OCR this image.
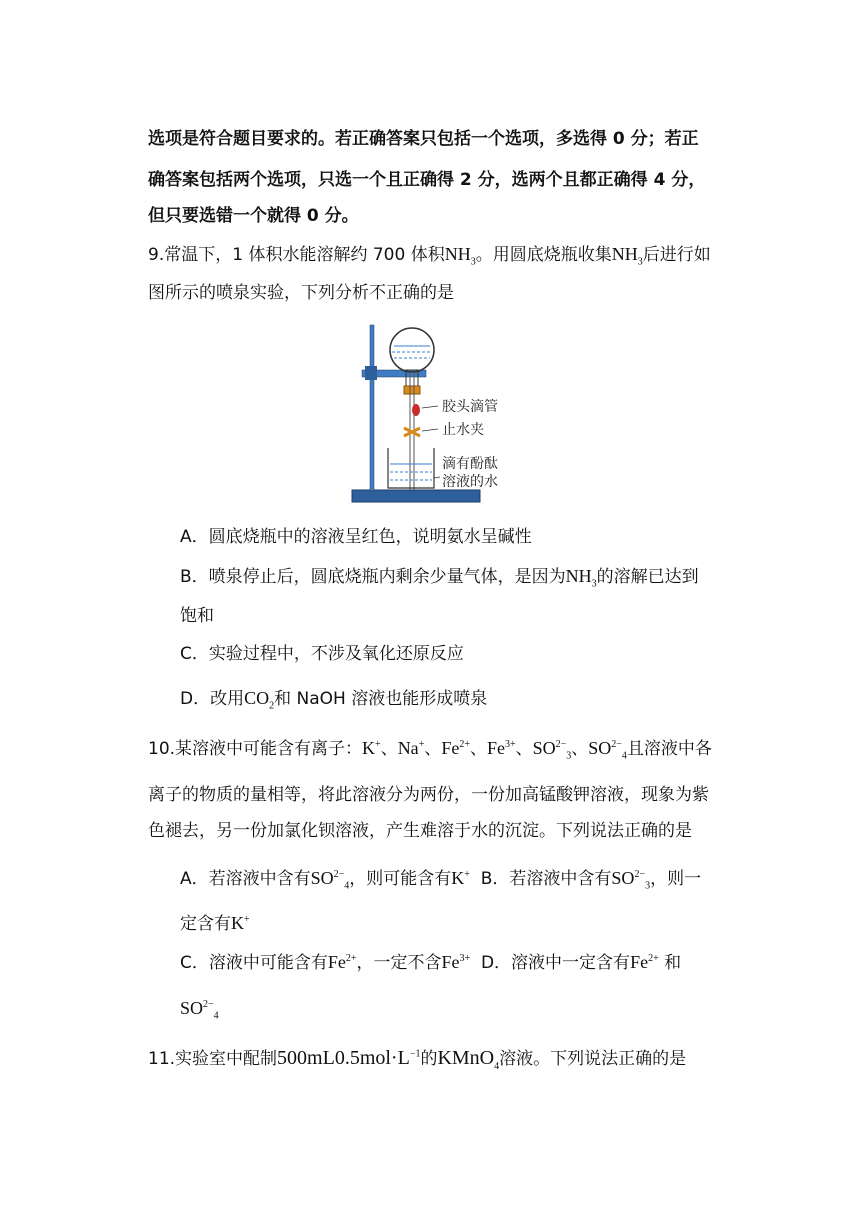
选项是符合题目要求的。若正确答案只包括一个选项，多选得 0 分；若正
确答案包括两个选项，只选一个且正确得 2 分，选两个且都正确得 4 分，
但只要选错一个就得 0 分。
9.常温下，1 体积水能溶解约 700 体积$NH_3$。用圆底烧瓶收集$NH_3$后进行如
图所示的喷泉实验，下列分析不正确的是
胶头滴管
止水夹
滴有酚酞
溶液的水
A．圆底烧瓶中的溶液呈红色，说明氨水呈碱性
B．喷泉停止后，圆底烧瓶内剩余少量气体，是因为$NH_3$的溶解已达到
饱和
C．实验过程中，不涉及氧化还原反应
D．改用$CO_2$和 NaOH 溶液也能形成喷泉
10.某溶液中可能含有离子：K+、Na+、$Fe^{2+}$、$Fe^{3+}$、$SO^{2-}_3$、$SO^{2-}_4$且溶液中各
离子的物质的量相等，将此溶液分为两份，一份加高锰酸钾溶液，现象为紫
色褪去，另一份加氯化钡溶液，产生难溶于水的沉淀。下列说法正确的是
A．若溶液中含有$SO^{2-}_4$，则可能含有K+ B．若溶液中含有$SO^{2-}_3$，则一
定含有K+
C．溶液中可能含有$Fe^{2+}$，一定不含$Fe^{3+}$ D．溶液中一定含有$Fe^{2+}$ 和
$SO^{2-}_4$
11.实验室中配制$500mL0.5mol\cdot L^{-1}$的KMnO$_4$溶液。下列说法正确的是
